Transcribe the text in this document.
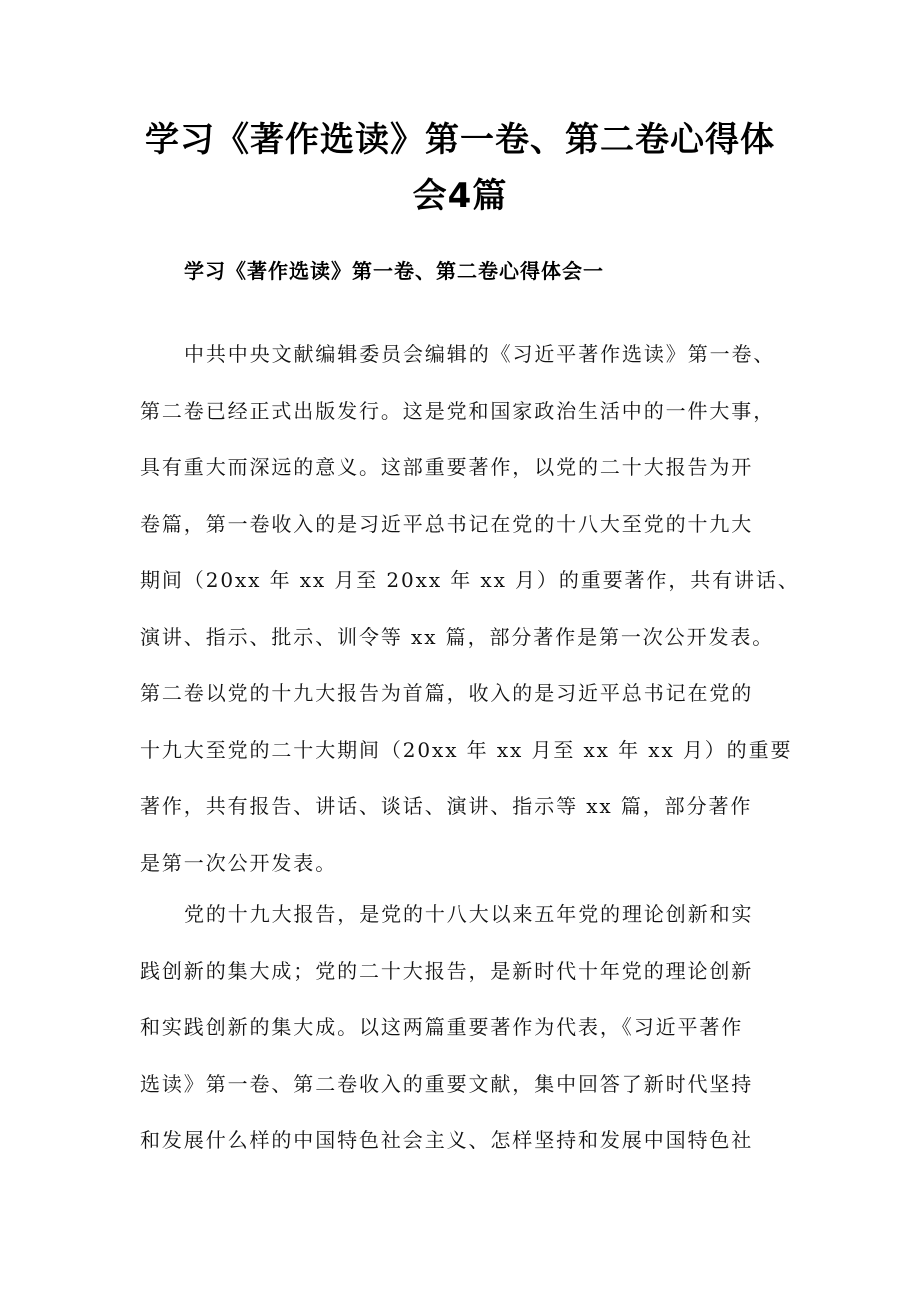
学习《著作选读》第一卷、第二卷心得体
会4篇
学习《著作选读》第一卷、第二卷心得体会一
中共中央文献编辑委员会编辑的《习近平著作选读》第一卷、
第二卷已经正式出版发行。这是党和国家政治生活中的一件大事，
具有重大而深远的意义。这部重要著作，以党的二十大报告为开
卷篇，第一卷收入的是习近平总书记在党的十八大至党的十九大
期间（20xx 年 xx 月至 20xx 年 xx 月）的重要著作，共有讲话、
演讲、指示、批示、训令等 xx 篇，部分著作是第一次公开发表。
第二卷以党的十九大报告为首篇，收入的是习近平总书记在党的
十九大至党的二十大期间（20xx 年 xx 月至 xx 年 xx 月）的重要
著作，共有报告、讲话、谈话、演讲、指示等 xx 篇，部分著作
是第一次公开发表。
党的十九大报告，是党的十八大以来五年党的理论创新和实
践创新的集大成；党的二十大报告，是新时代十年党的理论创新
和实践创新的集大成。以这两篇重要著作为代表，《习近平著作
选读》第一卷、第二卷收入的重要文献，集中回答了新时代坚持
和发展什么样的中国特色社会主义、怎样坚持和发展中国特色社
